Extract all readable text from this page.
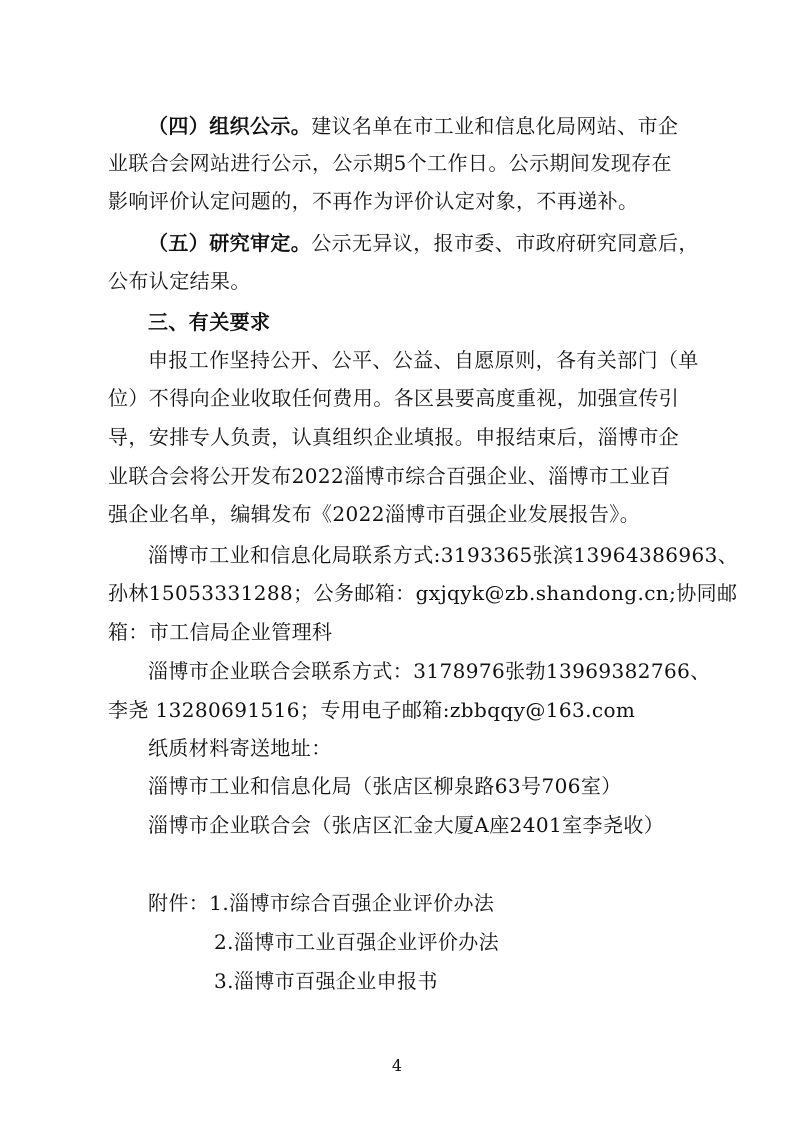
（四）组织公示。建议名单在市工业和信息化局网站、市企
业联合会网站进行公示，公示期5个工作日。公示期间发现存在
影响评价认定问题的，不再作为评价认定对象，不再递补。
（五）研究审定。公示无异议，报市委、市政府研究同意后，
公布认定结果。
三、有关要求
申报工作坚持公开、公平、公益、自愿原则，各有关部门（单
位）不得向企业收取任何费用。各区县要高度重视，加强宣传引
导，安排专人负责，认真组织企业填报。申报结束后，淄博市企
业联合会将公开发布2022淄博市综合百强企业、淄博市工业百
强企业名单，编辑发布《2022淄博市百强企业发展报告》。
淄博市工业和信息化局联系方式:3193365张滨13964386963、
孙林15053331288；公务邮箱：gxjqyk@zb.shandong.cn;协同邮
箱：市工信局企业管理科
淄博市企业联合会联系方式：3178976张勃13969382766、
李尧 13280691516；专用电子邮箱:zbbqqy@163.com
纸质材料寄送地址：
淄博市工业和信息化局（张店区柳泉路63号706室）
淄博市企业联合会（张店区汇金大厦A座2401室李尧收）
附件：1.淄博市综合百强企业评价办法
2.淄博市工业百强企业评价办法
3.淄博市百强企业申报书
4
